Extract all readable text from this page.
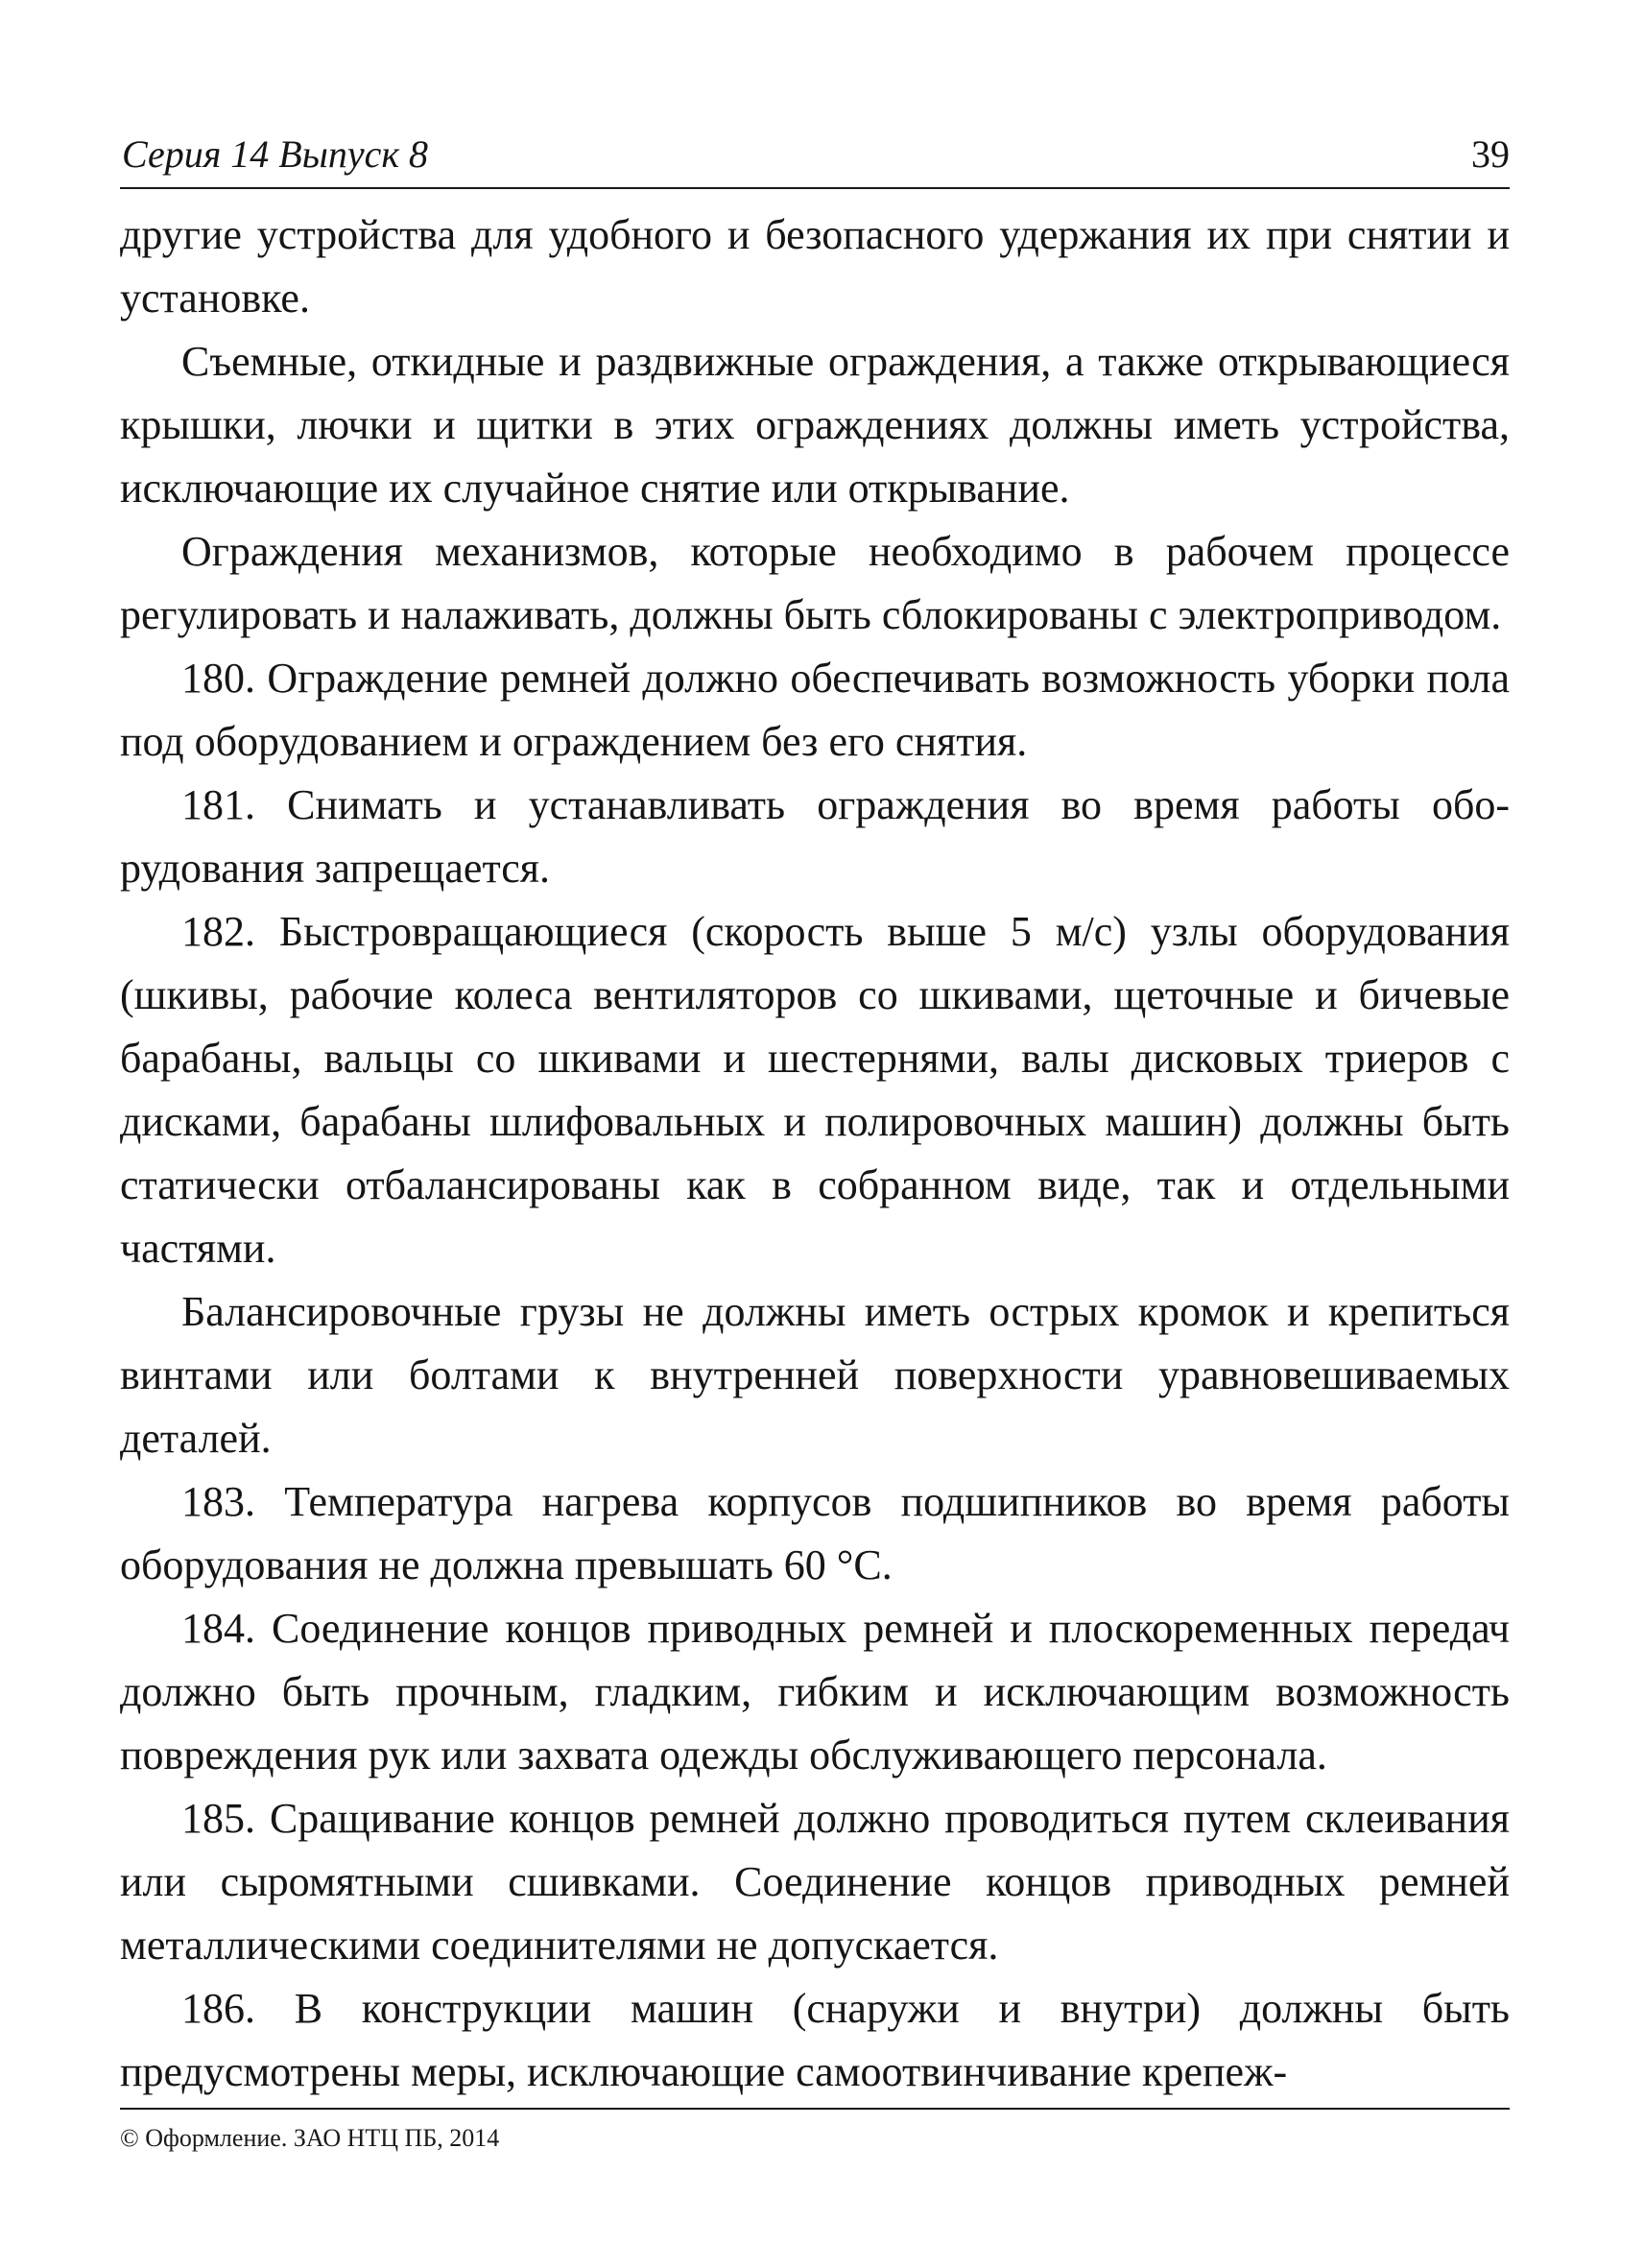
Серия 14 Выпуск 8	39

другие устройства для удобного и безопасного удержания их при снятии и установке.

Съемные, откидные и раздвижные ограждения, а также открывающиеся крышки, лючки и щитки в этих ограждениях должны иметь устройства, исключающие их случайное снятие или открывание.

Ограждения механизмов, которые необходимо в рабочем процессе регулировать и налаживать, должны быть сблокированы с электроприводом.

180. Ограждение ремней должно обеспечивать возможность уборки пола под оборудованием и ограждением без его снятия.

181. Снимать и устанавливать ограждения во время работы оборудования запрещается.

182. Быстровращающиеся (скорость выше 5 м/с) узлы оборудования (шкивы, рабочие колеса вентиляторов со шкивами, щеточные и бичевые барабаны, вальцы со шкивами и шестернями, валы дисковых триеров с дисками, барабаны шлифовальных и полировочных машин) должны быть статически отбалансированы как в собранном виде, так и отдельными частями.

Балансировочные грузы не должны иметь острых кромок и крепиться винтами или болтами к внутренней поверхности уравновешиваемых деталей.

183. Температура нагрева корпусов подшипников во время работы оборудования не должна превышать 60 °С.

184. Соединение концов приводных ремней и плоскоременных передач должно быть прочным, гладким, гибким и исключающим возможность повреждения рук или захвата одежды обслуживающего персонала.

185. Сращивание концов ремней должно проводиться путем склеивания или сыромятными сшивками. Соединение концов приводных ремней металлическими соединителями не допускается.

186. В конструкции машин (снаружи и внутри) должны быть предусмотрены меры, исключающие самоотвинчивание крепеж-

© Оформление. ЗАО НТЦ ПБ, 2014
